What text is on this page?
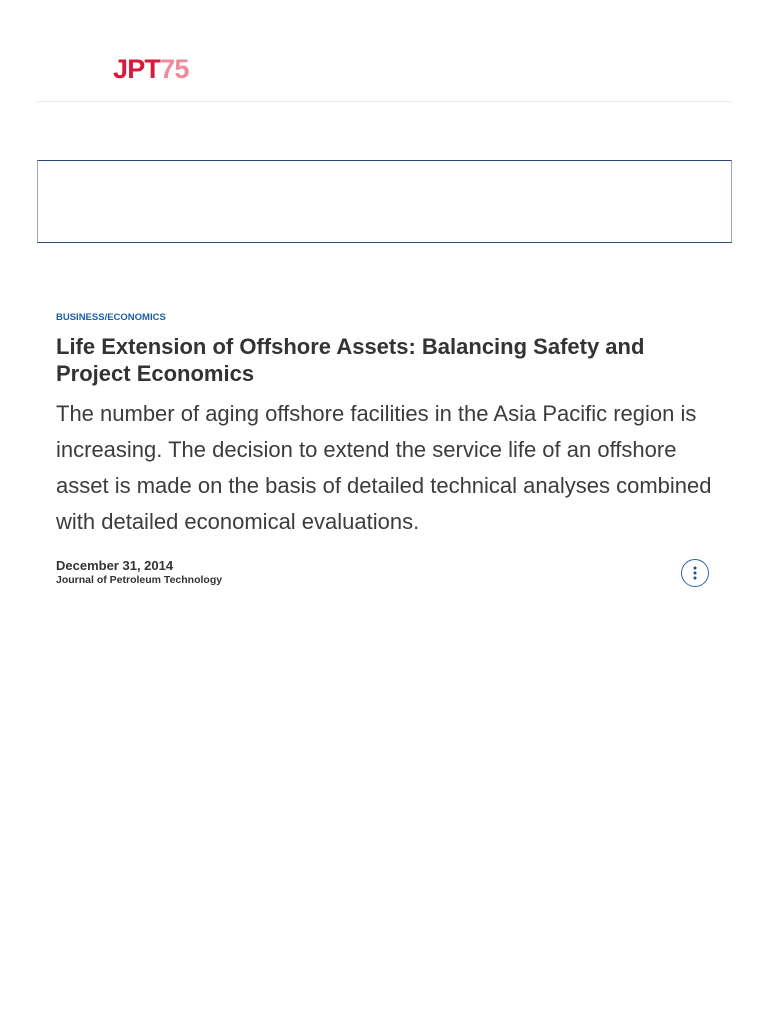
JPT75
BUSINESS/ECONOMICS
Life Extension of Offshore Assets: Balancing Safety and Project Economics

The number of aging offshore facilities in the Asia Pacific region is increasing. The decision to extend the service life of an offshore asset is made on the basis of detailed technical analyses combined with detailed economical evaluations.

December 31, 2014
Journal of Petroleum Technology
